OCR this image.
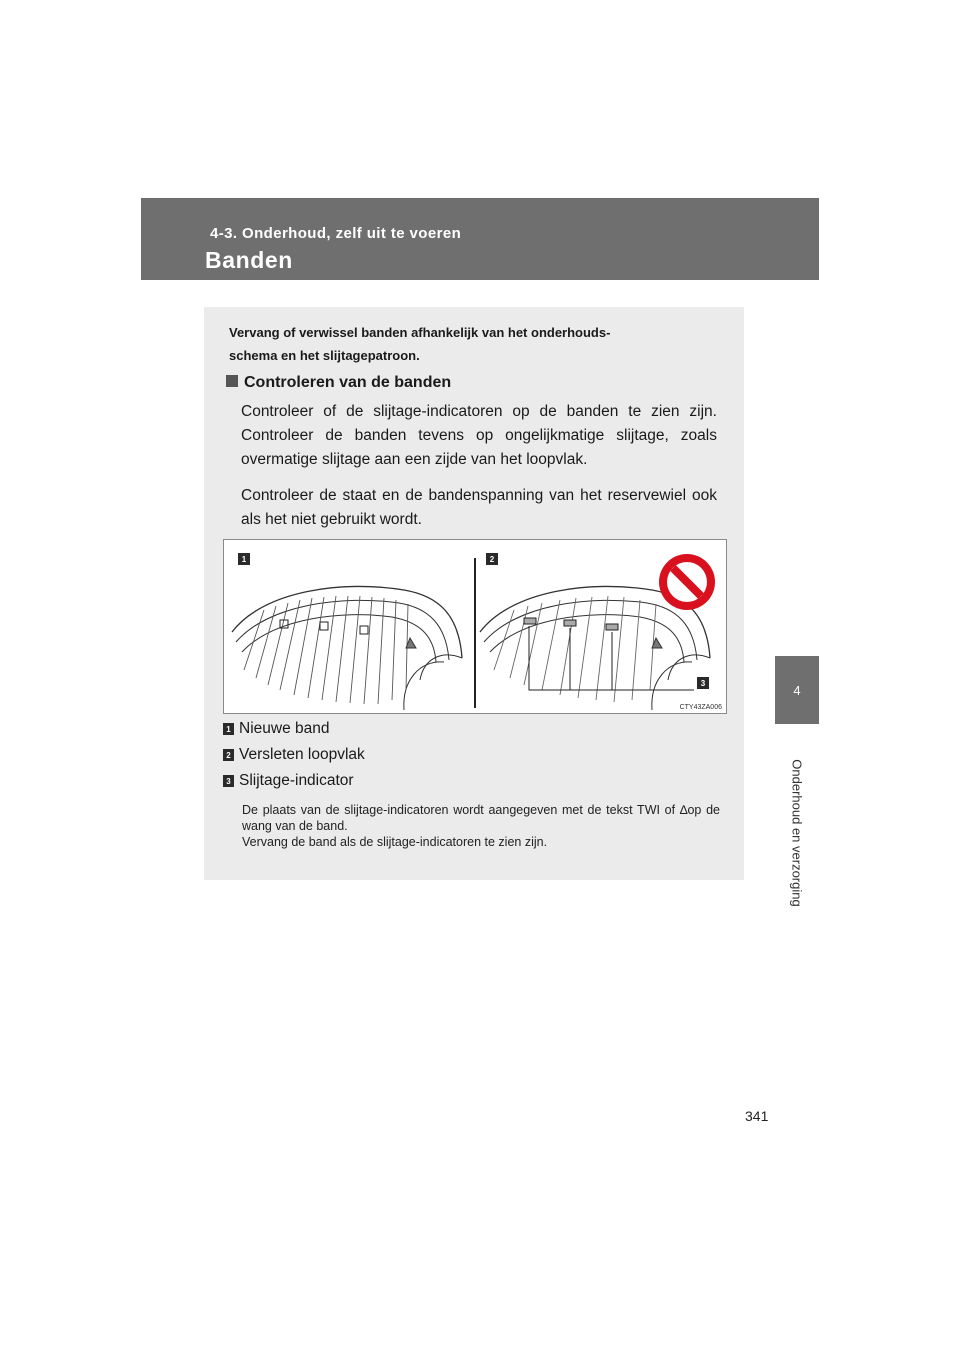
4-3. Onderhoud, zelf uit te voeren
Banden
4
Onderhoud en verzorging
341
Vervang of verwissel banden afhankelijk van het onderhouds-
schema en het slijtagepatroon.
Controleren van de banden
Controleer of de slijtage-indicatoren op de banden te zien zijn. Controleer de banden tevens op ongelijkmatige slijtage, zoals overmatige slijtage aan een zijde van het loopvlak.
Controleer de staat en de bandenspanning van het reservewiel ook als het niet gebruikt wordt.
1	2
3
CTY43ZA006
1 Nieuwe band
2 Versleten loopvlak
3 Slijtage-indicator
De plaats van de slijtage-indicatoren wordt aangegeven met de tekst TWI of ∆op de wang van de band.
Vervang de band als de slijtage-indicatoren te zien zijn.
